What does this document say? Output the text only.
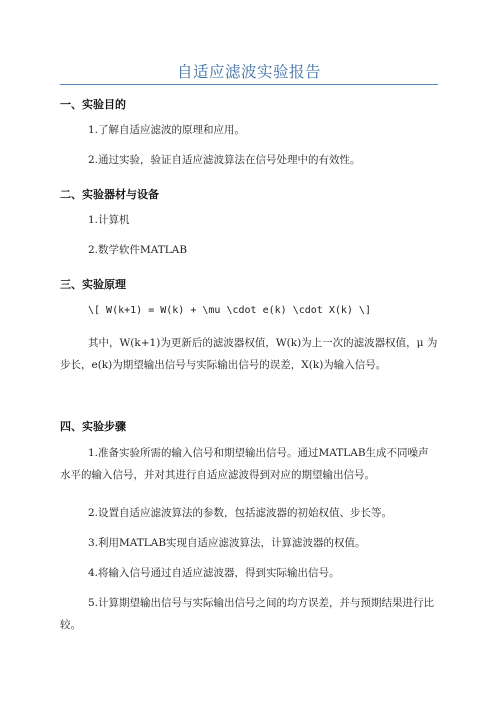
自适应滤波实验报告
一、实验目的
1.了解自适应滤波的原理和应用。
2.通过实验，验证自适应滤波算法在信号处理中的有效性。
二、实验器材与设备
1.计算机
2.数学软件MATLAB
三、实验原理
\[ W(k+1) = W(k) + \mu \cdot e(k) \cdot X(k) \]
其中，W(k+1)为更新后的滤波器权值，W(k)为上一次的滤波器权值，μ 为步长，e(k)为期望输出信号与实际输出信号的误差，X(k)为输入信号。
四、实验步骤
1.准备实验所需的输入信号和期望输出信号。通过MATLAB生成不同噪声水平的输入信号，并对其进行自适应滤波得到对应的期望输出信号。
2.设置自适应滤波算法的参数，包括滤波器的初始权值、步长等。
3.利用MATLAB实现自适应滤波算法，计算滤波器的权值。
4.将输入信号通过自适应滤波器，得到实际输出信号。
5.计算期望输出信号与实际输出信号之间的均方误差，并与预期结果进行比较。
